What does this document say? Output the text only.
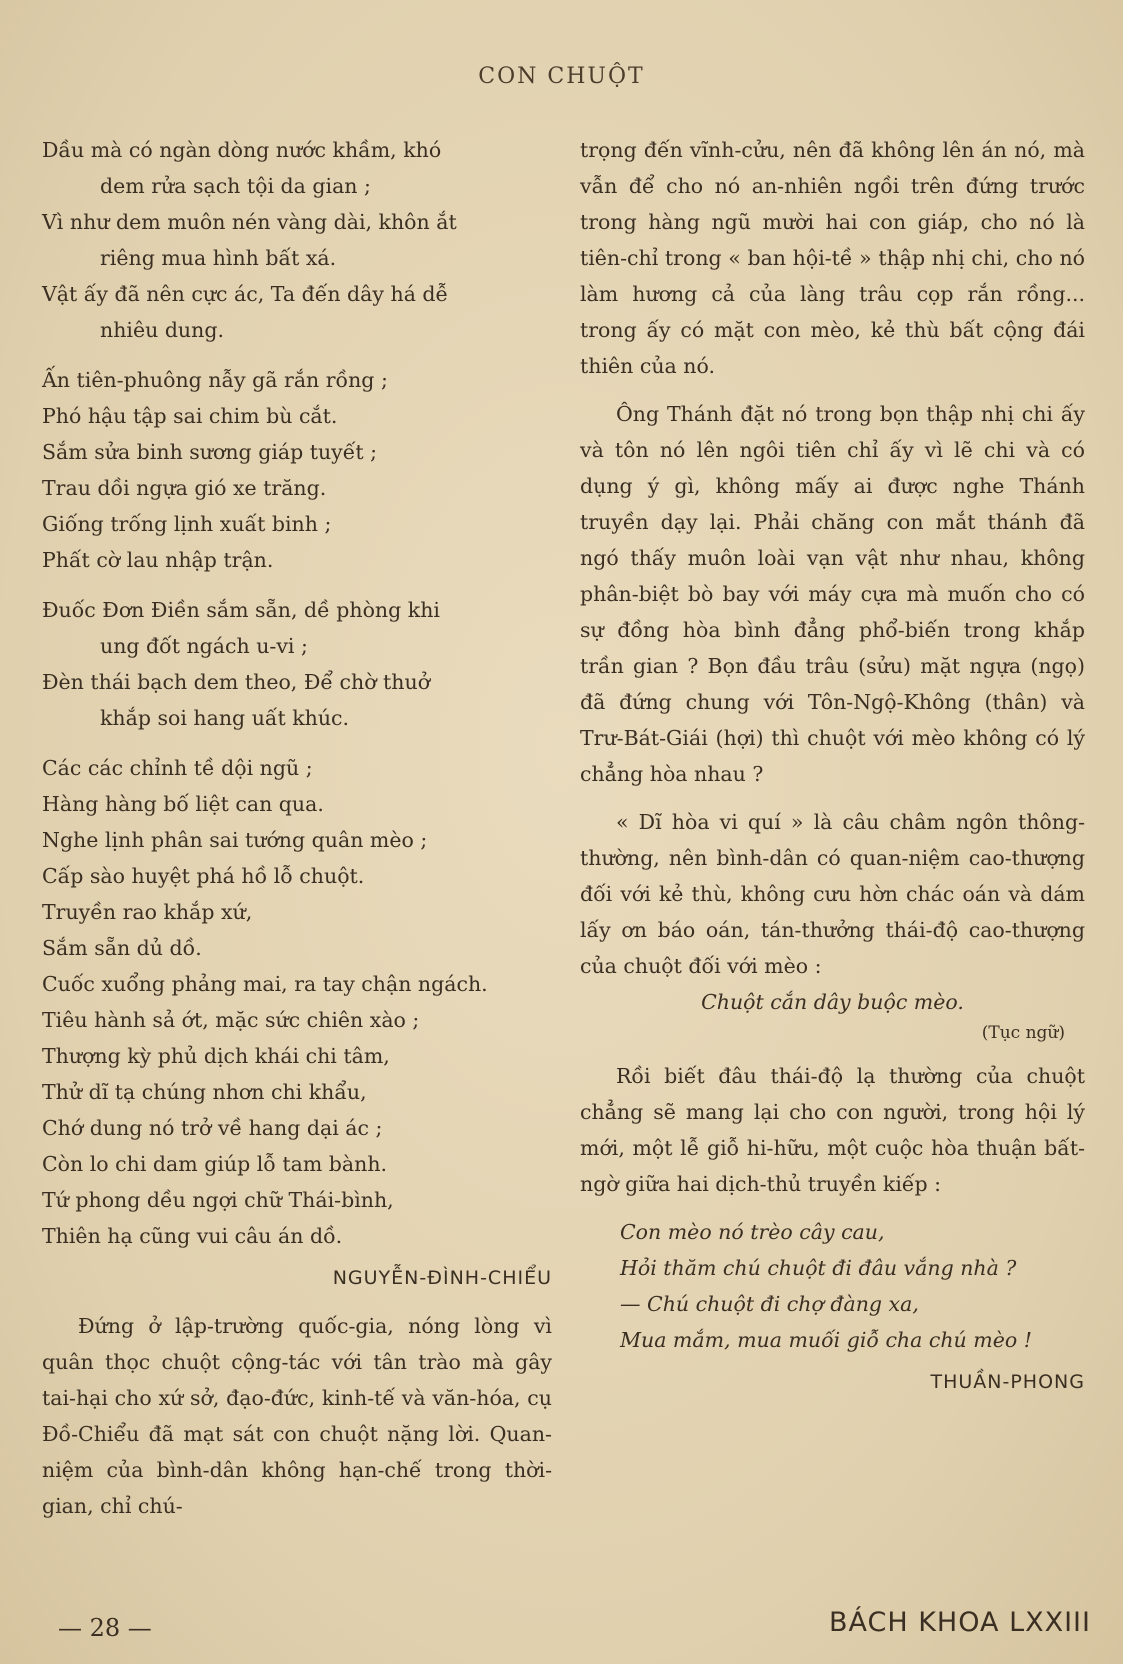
CON CHUỘT
Dầu mà có ngàn dòng nước khầm, khó
dem rửa sạch tội da gian ;
Vì như dem muôn nén vàng dài, khôn ắt
riêng mua hình bất xá.
Vật ấy đã nên cực ác, Ta đến dây há dễ
nhiêu dung.
Ấn tiên-phuông nẫy gã rắn rồng ;
Phó hậu tập sai chim bù cắt.
Sắm sửa binh sương giáp tuyết ;
Trau dồi ngựa gió xe trăng.
Giống trống lịnh xuất binh ;
Phất cờ lau nhập trận.
Đuốc Đơn Điền sắm sẵn, dề phòng khi
ung đốt ngách u-vi ;
Đèn thái bạch dem theo, Để chờ thuở
khắp soi hang uất khúc.
Các các chỉnh tề dội ngũ ;
Hàng hàng bố liệt can qua.
Nghe lịnh phân sai tướng quân mèo ;
Cấp sào huyệt phá hồ lỗ chuột.
Truyền rao khắp xứ,
Sắm sẵn dủ dồ.
Cuốc xuổng phảng mai, ra tay chận ngách.
Tiêu hành sả ớt, mặc sức chiên xào ;
Thượng kỳ phủ dịch khái chi tâm,
Thử dĩ tạ chúng nhơn chi khẩu,
Chớ dung nó trở về hang dại ác ;
Còn lo chi dam giúp lỗ tam bành.
Tứ phong dều ngợi chữ Thái-bình,
Thiên hạ cũng vui câu án dồ.
NGUYỄN-ĐÌNH-CHIỂU

Đứng ở lập-trường quốc-gia, nóng lòng vì quân thọc chuột cộng-tác với tân trào mà gây tai-hại cho xứ sở, đạo-đức, kinh-tế và văn-hóa, cụ Đồ-Chiểu đã mạt sát con chuột nặng lời. Quan-niệm của bình-dân không hạn-chế trong thời-gian, chỉ chú-

trọng đến vĩnh-cửu, nên đã không lên án nó, mà vẫn để cho nó an-nhiên ngồi trên đứng trước trong hàng ngũ mười hai con giáp, cho nó là tiên-chỉ trong « ban hội-tề » thập nhị chi, cho nó làm hương cả của làng trâu cọp rắn rồng... trong ấy có mặt con mèo, kẻ thù bất cộng đái thiên của nó.

Ông Thánh đặt nó trong bọn thập nhị chi ấy và tôn nó lên ngôi tiên chỉ ấy vì lẽ chi và có dụng ý gì, không mấy ai được nghe Thánh truyền dạy lại. Phải chăng con mắt thánh đã ngó thấy muôn loài vạn vật như nhau, không phân-biệt bò bay với máy cựa mà muốn cho có sự đồng hòa bình đẳng phổ-biến trong khắp trần gian ? Bọn đầu trâu (sửu) mặt ngựa (ngọ) đã đứng chung với Tôn-Ngộ-Không (thân) và Trư-Bát-Giái (hợi) thì chuột với mèo không có lý chẳng hòa nhau ?

« Dĩ hòa vi quí » là câu châm ngôn thông-thường, nên bình-dân có quan-niệm cao-thượng đối với kẻ thù, không cưu hờn chác oán và dám lấy ơn báo oán, tán-thưởng thái-độ cao-thượng của chuột đối với mèo :

Chuột cắn dây buộc mèo.
(Tục ngữ)

Rồi biết đâu thái-độ lạ thường của chuột chẳng sẽ mang lại cho con người, trong hội lý mới, một lễ giỗ hi-hữu, một cuộc hòa thuận bất-ngờ giữa hai dịch-thủ truyền kiếp :

Con mèo nó trèo cây cau,
Hỏi thăm chú chuột đi đâu vắng nhà ?
— Chú chuột đi chợ đàng xa,
Mua mắm, mua muối giỗ cha chú mèo !
THUẦN-PHONG
— 28 —	BÁCH KHOA LXXIII
